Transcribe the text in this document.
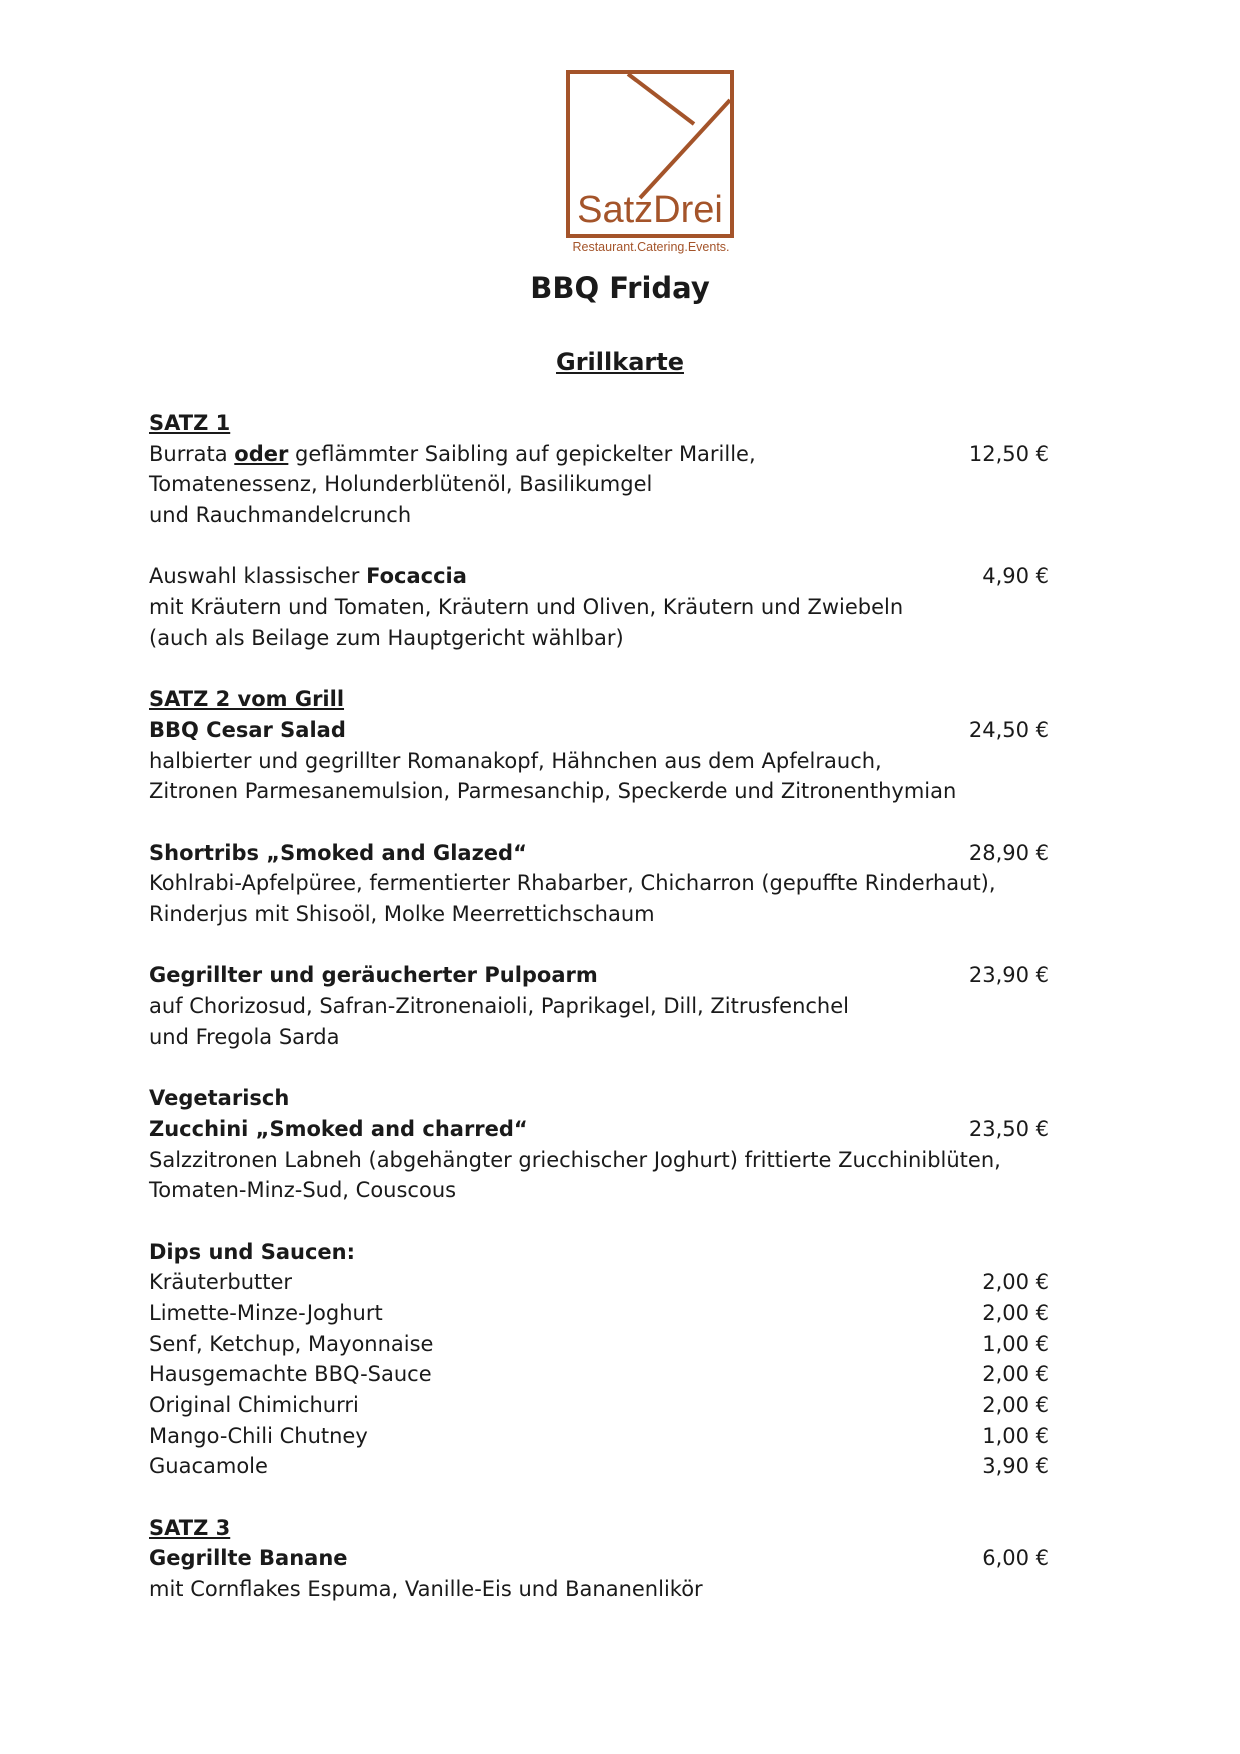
SatzDrei
Restaurant.Catering.Events.
BBQ Friday
Grillkarte
SATZ 1
Burrata oder geflämmter Saibling auf gepickelter Marille,	12,50 €
Tomatenessenz, Holunderblütenöl, Basilikumgel
und Rauchmandelcrunch
Auswahl klassischer Focaccia	4,90 €
mit Kräutern und Tomaten, Kräutern und Oliven, Kräutern und Zwiebeln
(auch als Beilage zum Hauptgericht wählbar)
SATZ 2 vom Grill
BBQ Cesar Salad	24,50 €
halbierter und gegrillter Romanakopf, Hähnchen aus dem Apfelrauch,
Zitronen Parmesanemulsion, Parmesanchip, Speckerde und Zitronenthymian
Shortribs „Smoked and Glazed“	28,90 €
Kohlrabi-Apfelpüree, fermentierter Rhabarber, Chicharron (gepuffte Rinderhaut),
Rinderjus mit Shisoöl, Molke Meerrettichschaum
Gegrillter und geräucherter Pulpoarm	23,90 €
auf Chorizosud, Safran-Zitronenaioli, Paprikagel, Dill, Zitrusfenchel
und Fregola Sarda
Vegetarisch
Zucchini „Smoked and charred“	23,50 €
Salzzitronen Labneh (abgehängter griechischer Joghurt) frittierte Zucchiniblüten,
Tomaten-Minz-Sud, Couscous
Dips und Saucen:
Kräuterbutter	2,00 €
Limette-Minze-Joghurt	2,00 €
Senf, Ketchup, Mayonnaise	1,00 €
Hausgemachte BBQ-Sauce	2,00 €
Original Chimichurri	2,00 €
Mango-Chili Chutney	1,00 €
Guacamole	3,90 €
SATZ 3
Gegrillte Banane	6,00 €
mit Cornflakes Espuma, Vanille-Eis und Bananenlikör
